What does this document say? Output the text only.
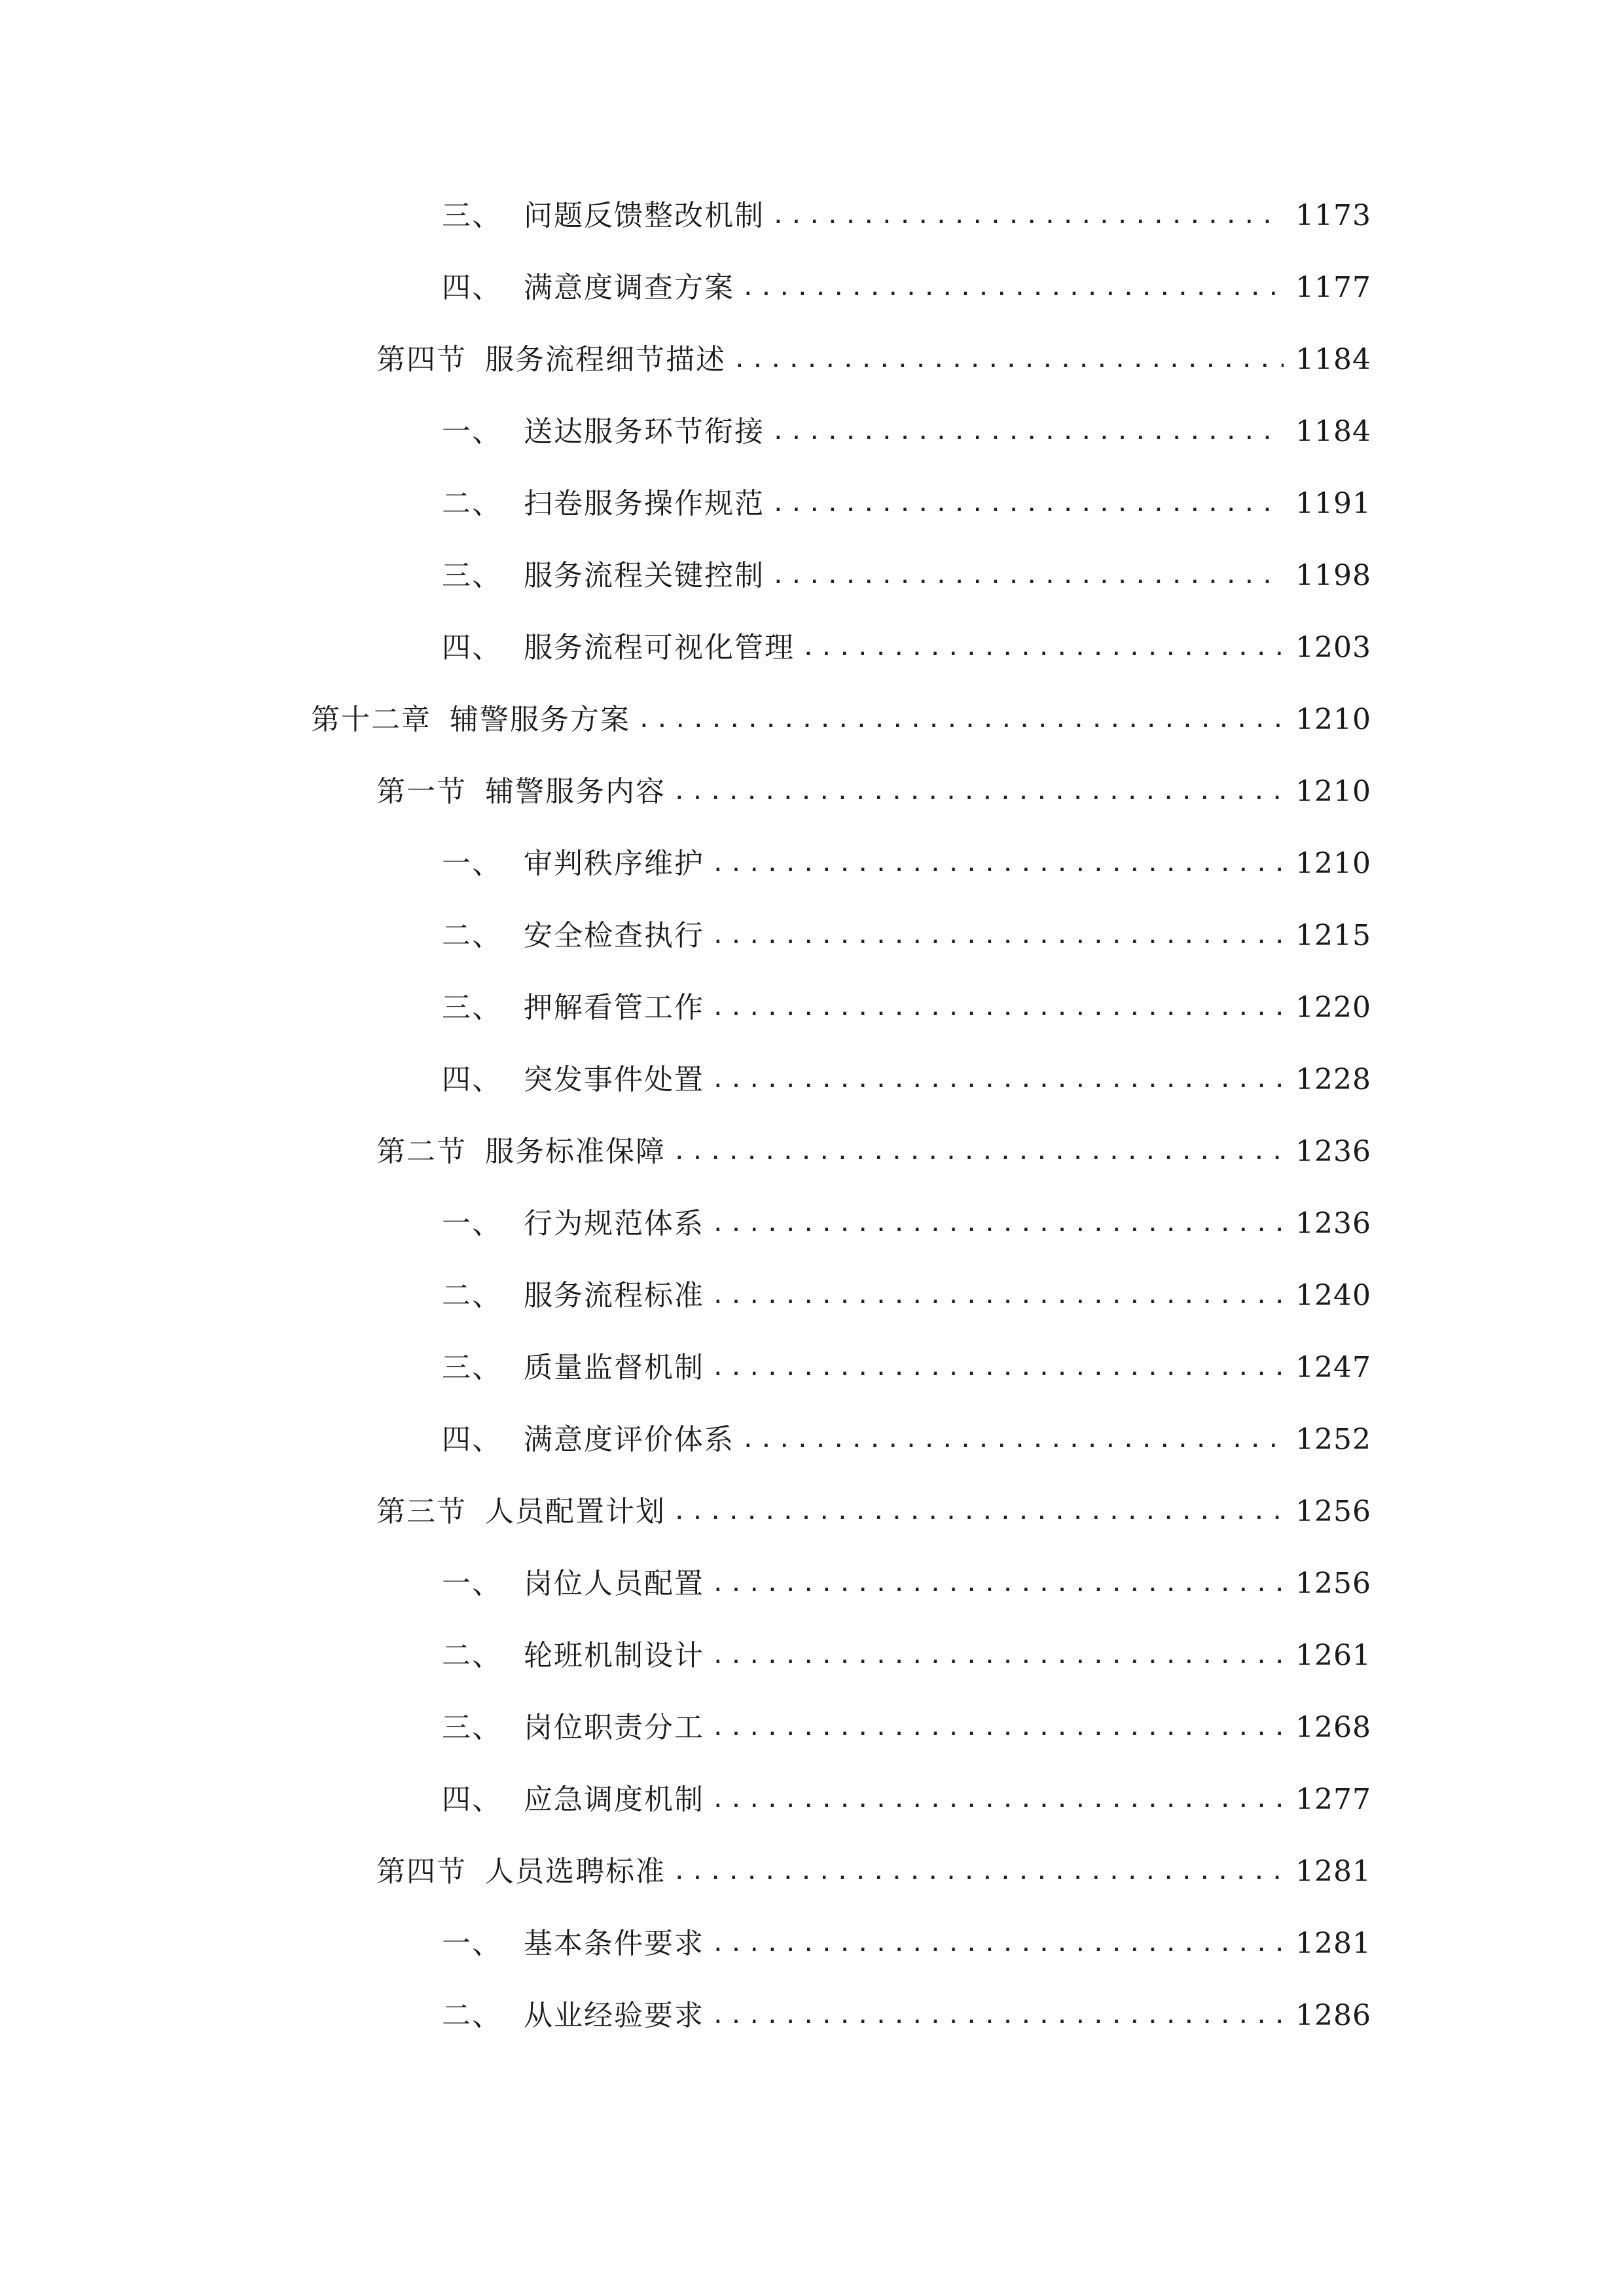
三、 问题反馈整改机制 .....	1173
四、 满意度调查方案 .....	1177
第四节 服务流程细节描述 .....	1184
一、 送达服务环节衔接 .....	1184
二、 扫卷服务操作规范 .....	1191
三、 服务流程关键控制 .....	1198
四、 服务流程可视化管理 .....	1203
第十二章 辅警服务方案 .....	1210
第一节 辅警服务内容 .....	1210
一、 审判秩序维护 .....	1210
二、 安全检查执行 .....	1215
三、 押解看管工作 .....	1220
四、 突发事件处置 .....	1228
第二节 服务标准保障 .....	1236
一、 行为规范体系 .....	1236
二、 服务流程标准 .....	1240
三、 质量监督机制 .....	1247
四、 满意度评价体系 .....	1252
第三节 人员配置计划 .....	1256
一、 岗位人员配置 .....	1256
二、 轮班机制设计 .....	1261
三、 岗位职责分工 .....	1268
四、 应急调度机制 .....	1277
第四节 人员选聘标准 .....	1281
一、 基本条件要求 .....	1281
二、 从业经验要求 .....	1286
